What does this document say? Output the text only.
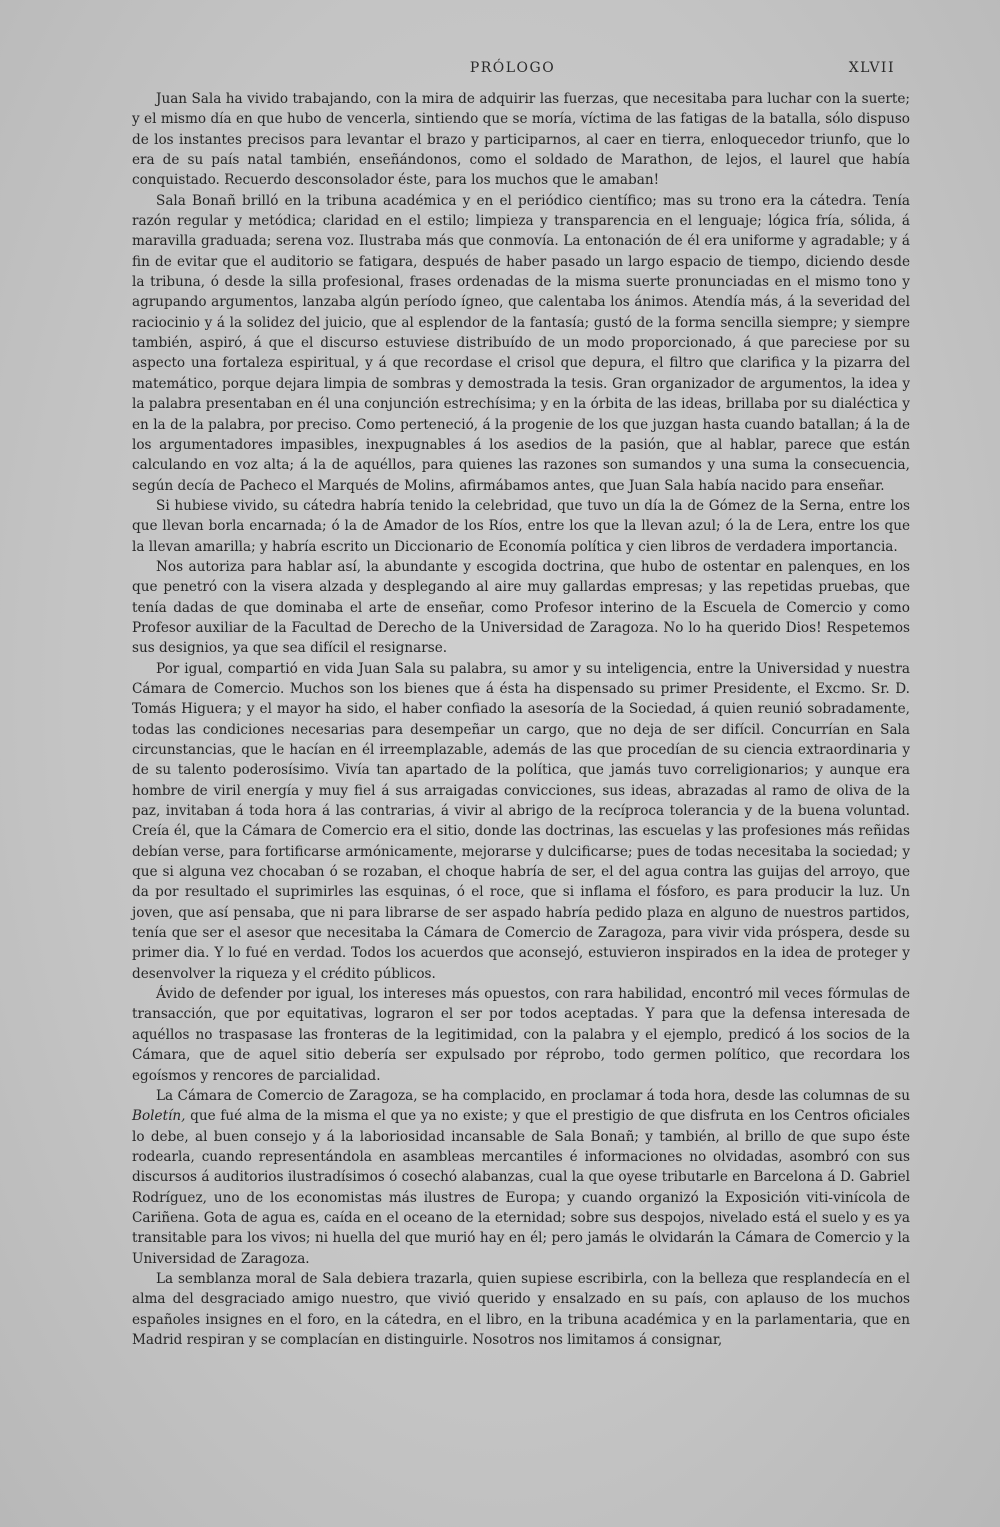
PRÓLOGO	XLVII

Juan Sala ha vivido trabajando, con la mira de adquirir las fuerzas, que necesitaba para luchar con la suerte; y el mismo día en que hubo de vencerla, sintiendo que se moría, víctima de las fatigas de la batalla, sólo dispuso de los instantes precisos para levantar el brazo y participarnos, al caer en tierra, enloquecedor triunfo, que lo era de su país natal también, enseñándonos, como el soldado de Marathon, de lejos, el laurel que había conquistado. Recuerdo desconsolador éste, para los muchos que le amaban!

Sala Bonañ brilló en la tribuna académica y en el periódico científico; mas su trono era la cátedra. Tenía razón regular y metódica; claridad en el estilo; limpieza y transparencia en el lenguaje; lógica fría, sólida, á maravilla graduada; serena voz. Ilustraba más que conmovía. La entonación de él era uniforme y agradable; y á fin de evitar que el auditorio se fatigara, después de haber pasado un largo espacio de tiempo, diciendo desde la tribuna, ó desde la silla profesional, frases ordenadas de la misma suerte pronunciadas en el mismo tono y agrupando argumentos, lanzaba algún período ígneo, que calentaba los ánimos. Atendía más, á la severidad del raciocinio y á la solidez del juicio, que al esplendor de la fantasía; gustó de la forma sencilla siempre; y siempre también, aspiró, á que el discurso estuviese distribuído de un modo proporcionado, á que pareciese por su aspecto una fortaleza espiritual, y á que recordase el crisol que depura, el filtro que clarifica y la pizarra del matemático, porque dejara limpia de sombras y demostrada la tesis. Gran organizador de argumentos, la idea y la palabra presentaban en él una conjunción estrechísima; y en la órbita de las ideas, brillaba por su dialéctica y en la de la palabra, por preciso. Como perteneció, á la progenie de los que juzgan hasta cuando batallan; á la de los argumentadores impasibles, inexpugnables á los asedios de la pasión, que al hablar, parece que están calculando en voz alta; á la de aquéllos, para quienes las razones son sumandos y una suma la consecuencia, según decía de Pacheco el Marqués de Molins, afirmábamos antes, que Juan Sala había nacido para enseñar.

Si hubiese vivido, su cátedra habría tenido la celebridad, que tuvo un día la de Gómez de la Serna, entre los que llevan borla encarnada; ó la de Amador de los Ríos, entre los que la llevan azul; ó la de Lera, entre los que la llevan amarilla; y habría escrito un Diccionario de Economía política y cien libros de verdadera importancia.

Nos autoriza para hablar así, la abundante y escogida doctrina, que hubo de ostentar en palenques, en los que penetró con la visera alzada y desplegando al aire muy gallardas empresas; y las repetidas pruebas, que tenía dadas de que dominaba el arte de enseñar, como Profesor interino de la Escuela de Comercio y como Profesor auxiliar de la Facultad de Derecho de la Universidad de Zaragoza. No lo ha querido Dios! Respetemos sus designios, ya que sea difícil el resignarse.

Por igual, compartió en vida Juan Sala su palabra, su amor y su inteligencia, entre la Universidad y nuestra Cámara de Comercio. Muchos son los bienes que á ésta ha dispensado su primer Presidente, el Excmo. Sr. D. Tomás Higuera; y el mayor ha sido, el haber confiado la asesoría de la Sociedad, á quien reunió sobradamente, todas las condiciones necesarias para desempeñar un cargo, que no deja de ser difícil. Concurrían en Sala circunstancias, que le hacían en él irreemplazable, además de las que procedían de su ciencia extraordinaria y de su talento poderosísimo. Vivía tan apartado de la política, que jamás tuvo correligionarios; y aunque era hombre de viril energía y muy fiel á sus arraigadas convicciones, sus ideas, abrazadas al ramo de oliva de la paz, invitaban á toda hora á las contrarias, á vivir al abrigo de la recíproca tolerancia y de la buena voluntad. Creía él, que la Cámara de Comercio era el sitio, donde las doctrinas, las escuelas y las profesiones más reñidas debían verse, para fortificarse armónicamente, mejorarse y dulcificarse; pues de todas necesitaba la sociedad; y que si alguna vez chocaban ó se rozaban, el choque habría de ser, el del agua contra las guijas del arroyo, que da por resultado el suprimirles las esquinas, ó el roce, que si inflama el fósforo, es para producir la luz. Un joven, que así pensaba, que ni para librarse de ser aspado habría pedido plaza en alguno de nuestros partidos, tenía que ser el asesor que necesitaba la Cámara de Comercio de Zaragoza, para vivir vida próspera, desde su primer dia. Y lo fué en verdad. Todos los acuerdos que aconsejó, estuvieron inspirados en la idea de proteger y desenvolver la riqueza y el crédito públicos.

Ávido de defender por igual, los intereses más opuestos, con rara habilidad, encontró mil veces fórmulas de transacción, que por equitativas, lograron el ser por todos aceptadas. Y para que la defensa interesada de aquéllos no traspasase las fronteras de la legitimidad, con la palabra y el ejemplo, predicó á los socios de la Cámara, que de aquel sitio debería ser expulsado por réprobo, todo germen político, que recordara los egoísmos y rencores de parcialidad.

La Cámara de Comercio de Zaragoza, se ha complacido, en proclamar á toda hora, desde las columnas de su Boletín, que fué alma de la misma el que ya no existe; y que el prestigio de que disfruta en los Centros oficiales lo debe, al buen consejo y á la laboriosidad incansable de Sala Bonañ; y también, al brillo de que supo éste rodearla, cuando representándola en asambleas mercantiles é informaciones no olvidadas, asombró con sus discursos á auditorios ilustradísimos ó cosechó alabanzas, cual la que oyese tributarle en Barcelona á D. Gabriel Rodríguez, uno de los economistas más ilustres de Europa; y cuando organizó la Exposición viti-vinícola de Cariñena. Gota de agua es, caída en el oceano de la eternidad; sobre sus despojos, nivelado está el suelo y es ya transitable para los vivos; ni huella del que murió hay en él; pero jamás le olvidarán la Cámara de Comercio y la Universidad de Zaragoza.

La semblanza moral de Sala debiera trazarla, quien supiese escribirla, con la belleza que resplandecía en el alma del desgraciado amigo nuestro, que vivió querido y ensalzado en su país, con aplauso de los muchos españoles insignes en el foro, en la cátedra, en el libro, en la tribuna académica y en la parlamentaria, que en Madrid respiran y se complacían en distinguirle. Nosotros nos limitamos á consignar,
